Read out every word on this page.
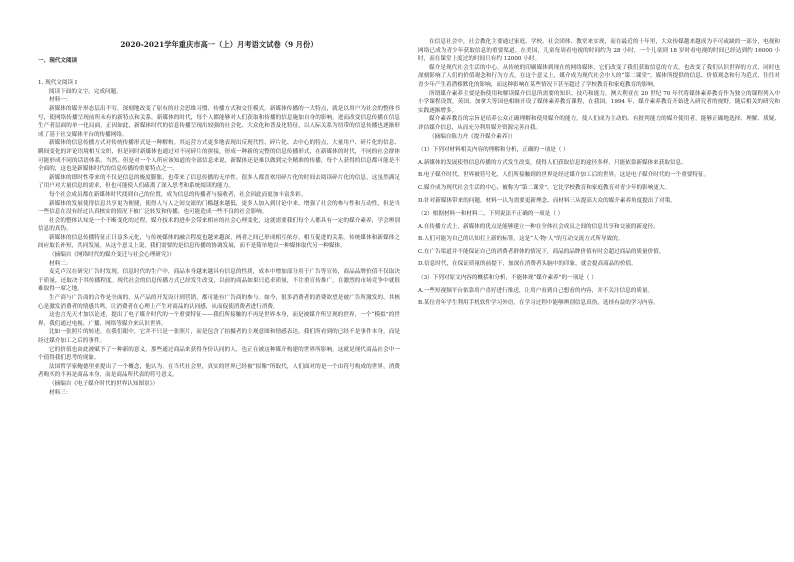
2020-2021学年重庆市高一（上）月考语文试卷（9 月份）
一、现代文阅读

1. 现代文阅读 I

阅读下面的文字，完成问题。

材料一：

新媒体的媒介形态层出不穷，深刻地改变了原有的社会思维习惯、传播方式和交往模式。新媒体传播的一大特点，就是以用户为社会的整体书写，使网络传播呈现前所未有的新特点和关系。新媒体的时代，每个人都能够对人们获取和传播的信息施加自身的影响，进而改变信息传播在信息生产者层面的单一化局面，正因如此，新媒体时代的信息传播呈现出较强的社会化、大众化和普及化特征，以人际关系为纽带的信息传播也逐渐形成了基于社交媒体平台的传播网络。

新媒体的信息传播方式对传统传播形式是一种解构。其运营方式更多地表现出反现代性、碎片化、去中心的特点，大量用户、碎片化的信息、瞬间变化的评论语境相互交织，但是同时新媒体也通过对不同碎片的拼接，形成一种新的完整的信息传播形式，在新媒体的时代，不同的社会群体可能形成不同的话语体系。当然，但是对一个人所应该知道的全部信息来说，新媒体还是难以做到完全精准的传播，每个人获得的信息都可能是不全面的，这也是新媒体时代的信息传播的重要特点之一。

新媒体的即时性带来的不仅是信息的极度膨胀，也带来了信息传播的无序性。很多人都喜欢用碎片化的时间去阅读碎片化的信息，这虽然满足了用户对大量信息的需求，但也可能使人们疏离了深入思考和系统阅读的能力。

每个社会成员都在新媒体时代找到自己的位置，成为信息的传播者与接收者，社会因此而更加丰富多彩。

新媒体的发展使得信息共享更为便捷，使得人与人之间交流的门槛越来越低，更多人加入到讨论中来，增强了社会的参与性和互动性，但是当一些信息在没有经过认真核实的情况下被广泛转发和传播，也可能造成一些不良的社会影响。

社会的整体认知是一个不断变化的过程，媒介技术的进步会带来相应的社会心理变化，这就需要我们每个人都具有一定的媒介素养，学会辨别信息的真伪。

新媒体的信息传播特征正日益多元化，与传统媒体的融合程度也越来越深，两者之间已形成相互依存、相互促进的关系。传统媒体和新媒体之间应取长补短，共同发展。从这个意义上说，我们需要的是信息传播的协调发展，而不是简单地以一种媒体取代另一种媒体。

（摘编自《网络时代的媒介变迁与社会心理研究》）

材料二：

麦克卢汉在研究广告时发现，信息时代的生产中，商品本身越来越具有信息的性质，成本中增加部分用于广告等宣传，商品品牌价值不仅取决于质量，还取决于其传播程度。现代社会的信息传播方式已经发生改变，以前的商品如果只追求质量，不注重宣传推广，在激烈的市场竞争中就很难取得一席之地。

生产商与广告商的合作是全面的，从产品的开发设计到营销，都可能有广告商的参与。如今，很多消费者的消费欲望是被广告所激发的，其核心是激发消费者的情感共鸣，让消费者在心理上产生对商品的认同感，从而促使消费者进行消费。

这也言光天才加以论述，提出了电子媒介时代的一个重要特征——我们所接触的不再是世界本身，而是被媒介所呈现的世界，一个“模拟”的世界，我们通过电视、广播、网络等媒介来认识世界。

比如一张照片的转述，在我们眼中，它并不只是一张照片，而是包含了拍摄者的主观意图和情感表达，我们所看到的已经不是事件本身，而是经过媒介加工之后的事件。

它的价值也由此被赋予了一种新的意义，那些通过商品来获得身份认同的人，也正在被这种媒介构建的世界所影响，这就是现代商品社会中一个值得我们思考的现象。

法国哲学家鲍德里亚提出了一个概念，他认为，在当代社会里，真实的世界已经被“拟像”所取代，人们面对的是一个由符号构成的世界，消费者购买的不再是商品本身，而是商品所代表的符号意义。

（摘编自《电子媒介时代的世界认知图景》）

材料三：

在信息社会中，社会教化主要通过家庭、学校、社会团体、教堂来实现，而在最近的十年里，大众传媒越来越成为不可或缺的一部分，电视和网络已成为青少年获取信息的重要渠道。在美国，儿童每周看电视的时间约为 28 小时，一个儿童到 18 岁时看电视的时间已经达到约 16000 小时，而在课堂上度过的时间只有约 12000 小时。

媒介是现代社会生活的中心，从传统的印刷媒体到现在的网络媒体，它们改变了我们获取信息的方式，也改变了我们认识世界的方式，同时也深刻影响了人们的价值观念和行为方式。在这个意义上，媒介成为现代社会中人的“第二课堂”。媒体所提供的信息、价值观念和行为范式，往往对青少年产生着潜移默化的影响，而这种影响在某些情况下甚至超过了学校教育和家庭教育的影响。

所谓媒介素养主要是指使用和解读媒介信息所需要的知识、技巧和能力。澳大利亚在 20 世纪 70 年代将媒体素养教育作为独立的课程列入中小学课程设置，英国、加拿大等国也相继开设了媒体素养教育课程，在我国，1994 年，媒介素养教育开始进入研究者的视野，随后相关的研究和实践逐渐增多。

媒介素养教育的宗旨是培养公众正确理解和使用媒介的能力，使人们成为主动的、有批判能力的媒介使用者，能够正确地选择、理解、质疑、评估媒介信息，从而充分利用媒介资源完善自我。

（摘编自陈力丹《提升媒介素养》）

（1）下列对材料相关内容的理解和分析，正确的一项是（ ）

A.新媒体的发展使得信息传播的方式发生改变，使得人们获取信息的途径多样，只能依靠新媒体来获取信息。

B.电子媒介时代，世界被符号化，人们所接触到的世界是经过媒介加工后的世界，这是电子媒介时代的一个重要特征。

C.媒介成为现代社会生活的中心，被称为“第二课堂”，它比学校教育和家庭教育对青少年的影响更大。

D.针对新媒体带来的问题，材料一认为需要更新理念，而材料三从提高大众的媒介素养角度提出了对策。

（2）根据材料一和材料二，下列说法不正确的一项是（ ）

A.在传播方式上，新媒体的优点是能够建立一种在全体社会成员之间的信息共享和交流的新途径。

B.人们可能为自己的认知打上新的标签，这是“人·物·人”的互动交流方式所导致的。

C.在广告渠道并不能保证自己的消费者群体的情况下，商品的品牌价值有时会超过商品的质量价值。

D.信息时代，在保证质量的前提下，加深在消费者头脑中的印象，就会提高商品的价值。

（3）下列对原文内容的概括和分析，不能体现“媒介素养”的一项是（ ）

A.一些短视频平台依靠用户喜好进行推送，让用户看到自己想看的内容，并不关注信息的质量。

B.某位青年学生利用手机软件学习外语，在学习过程中能够辨别信息真伪，选择有益的学习内容。
